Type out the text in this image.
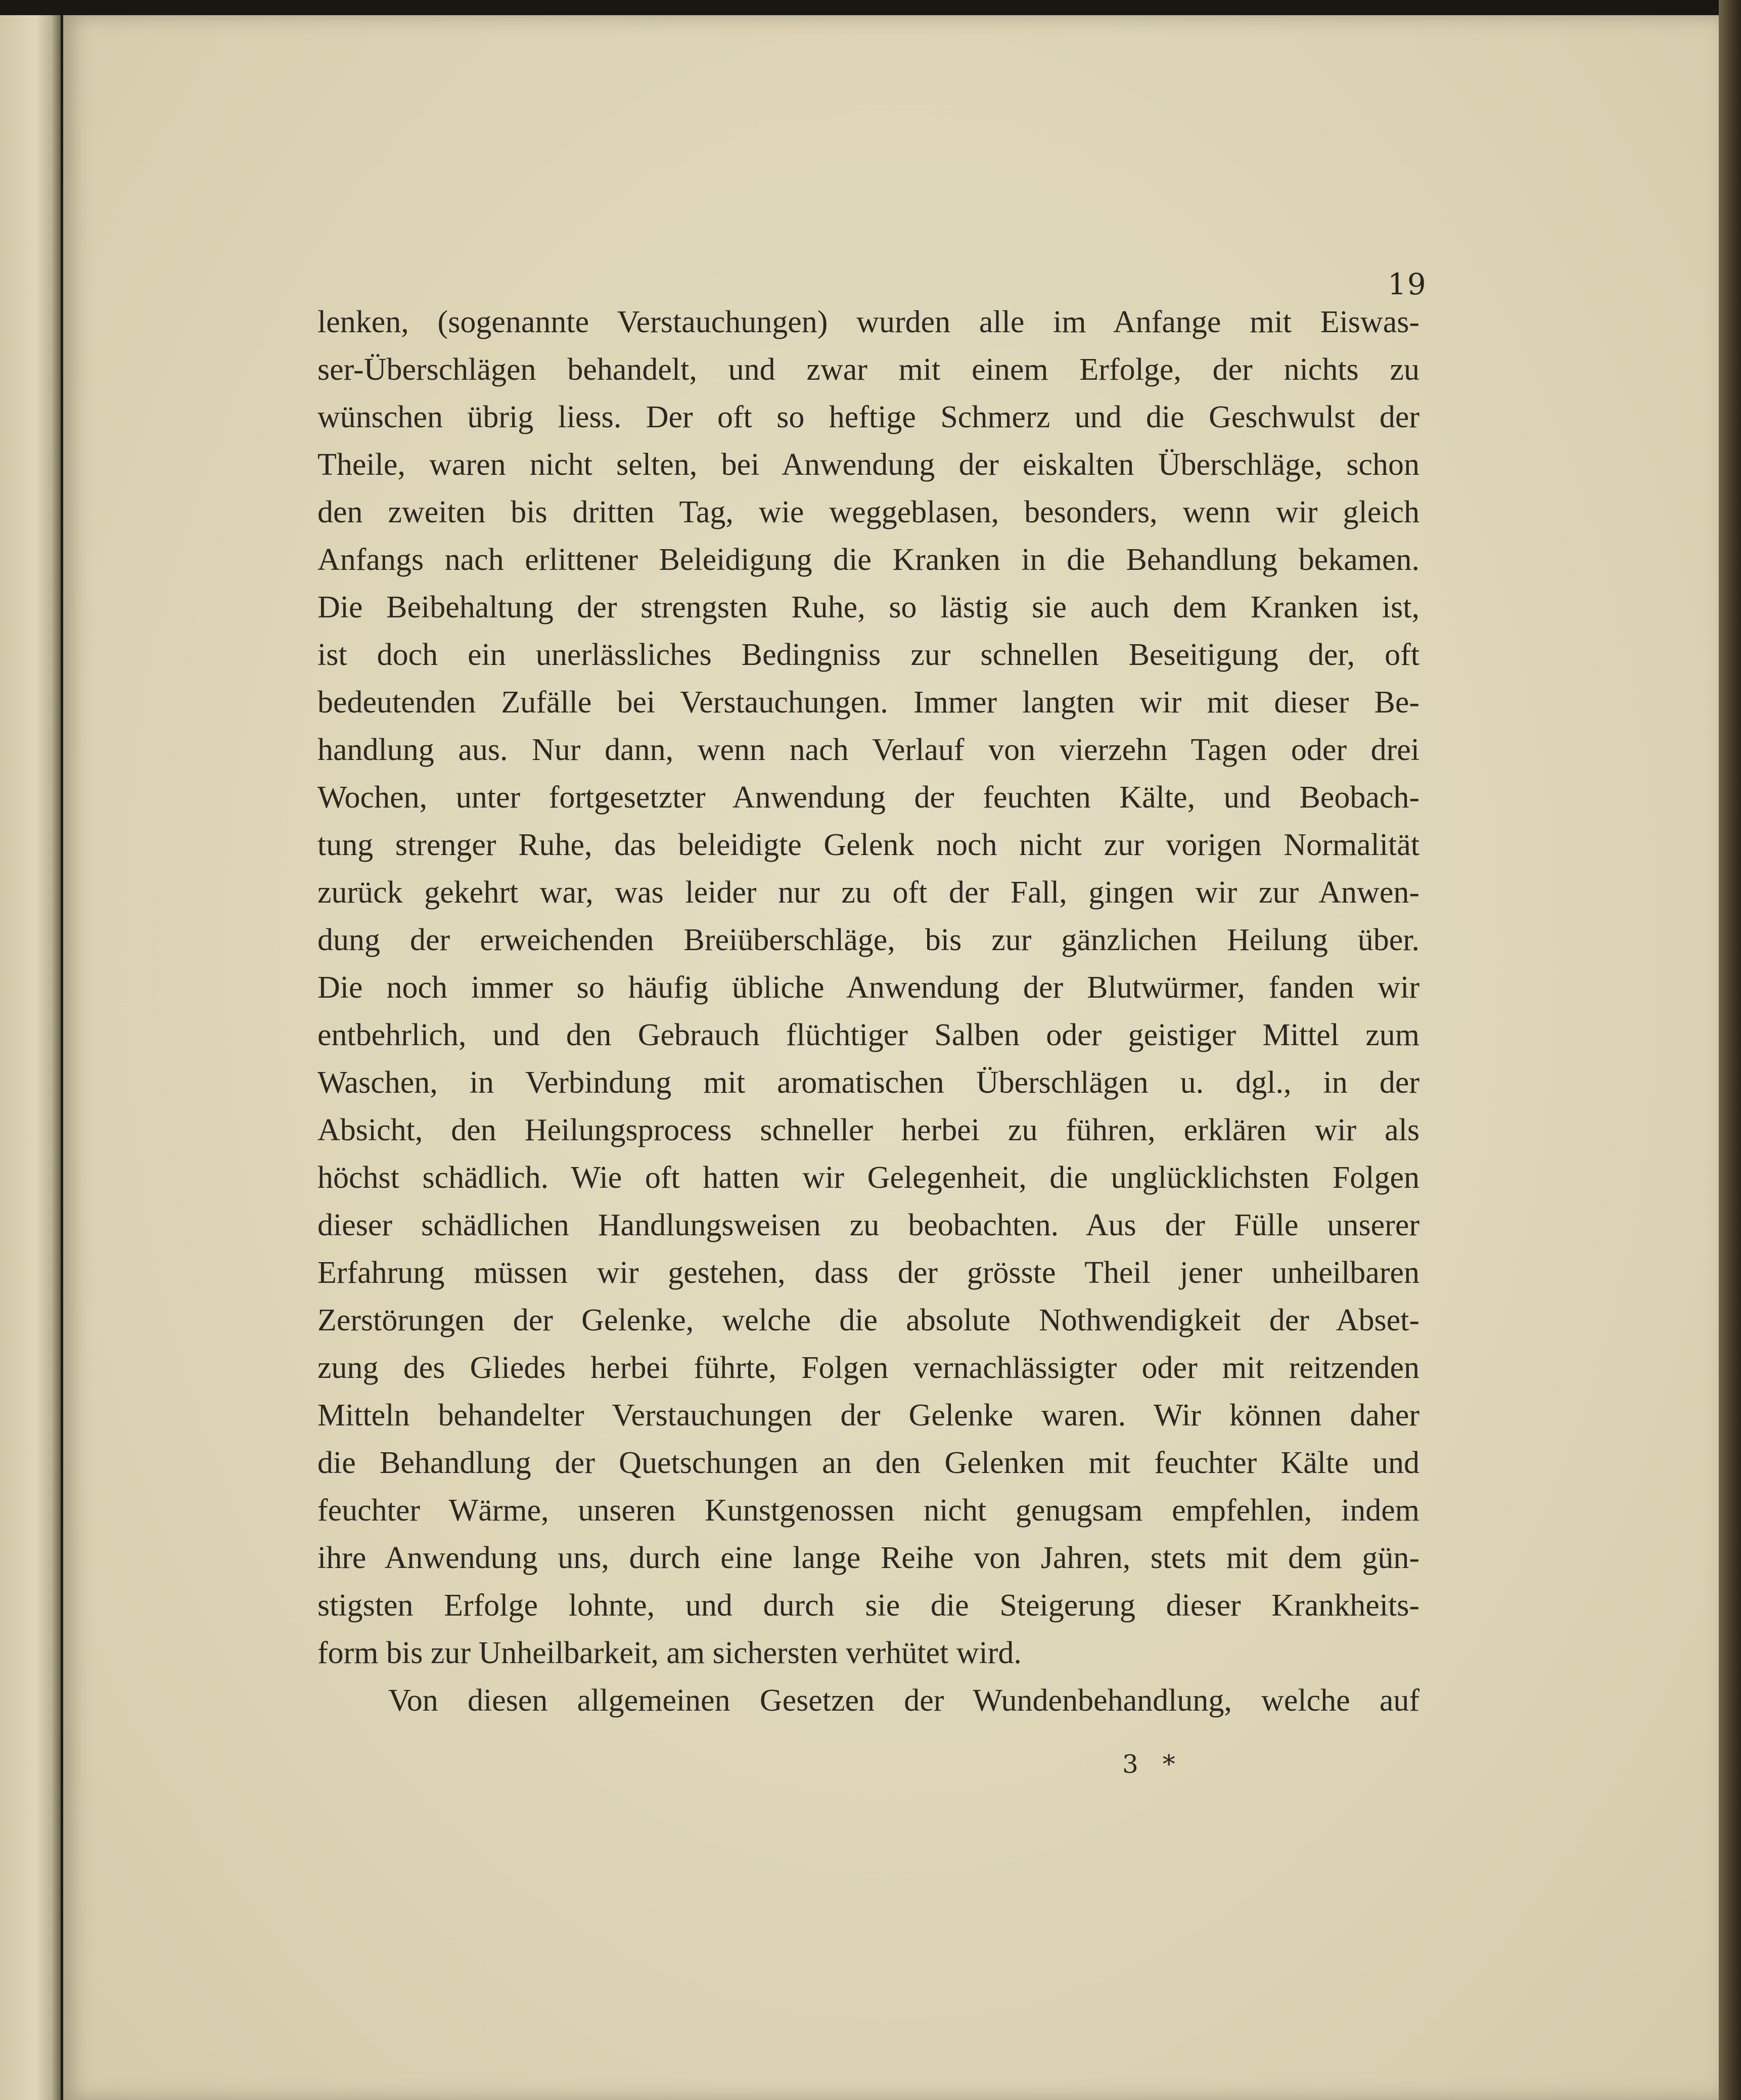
19
lenken, (sogenannte Verstauchungen) wurden alle im Anfange mit Eiswas-
ser-Überschlägen behandelt, und zwar mit einem Erfolge, der nichts zu
wünschen übrig liess. Der oft so heftige Schmerz und die Geschwulst der
Theile, waren nicht selten, bei Anwendung der eiskalten Überschläge, schon
den zweiten bis dritten Tag, wie weggeblasen, besonders, wenn wir gleich
Anfangs nach erlittener Beleidigung die Kranken in die Behandlung bekamen.
Die Beibehaltung der strengsten Ruhe, so lästig sie auch dem Kranken ist,
ist doch ein unerlässliches Bedingniss zur schnellen Beseitigung der, oft
bedeutenden Zufälle bei Verstauchungen. Immer langten wir mit dieser Be-
handlung aus. Nur dann, wenn nach Verlauf von vierzehn Tagen oder drei
Wochen, unter fortgesetzter Anwendung der feuchten Kälte, und Beobach-
tung strenger Ruhe, das beleidigte Gelenk noch nicht zur vorigen Normalität
zurück gekehrt war, was leider nur zu oft der Fall, gingen wir zur Anwen-
dung der erweichenden Breiüberschläge, bis zur gänzlichen Heilung über.
Die noch immer so häufig übliche Anwendung der Blutwürmer, fanden wir
entbehrlich, und den Gebrauch flüchtiger Salben oder geistiger Mittel zum
Waschen, in Verbindung mit aromatischen Überschlägen u. dgl., in der
Absicht, den Heilungsprocess schneller herbei zu führen, erklären wir als
höchst schädlich. Wie oft hatten wir Gelegenheit, die unglücklichsten Folgen
dieser schädlichen Handlungsweisen zu beobachten. Aus der Fülle unserer
Erfahrung müssen wir gestehen, dass der grösste Theil jener unheilbaren
Zerstörungen der Gelenke, welche die absolute Nothwendigkeit der Abset-
zung des Gliedes herbei führte, Folgen vernachlässigter oder mit reitzenden
Mitteln behandelter Verstauchungen der Gelenke waren. Wir können daher
die Behandlung der Quetschungen an den Gelenken mit feuchter Kälte und
feuchter Wärme, unseren Kunstgenossen nicht genugsam empfehlen, indem
ihre Anwendung uns, durch eine lange Reihe von Jahren, stets mit dem gün-
stigsten Erfolge lohnte, und durch sie die Steigerung dieser Krankheits-
form bis zur Unheilbarkeit, am sichersten verhütet wird.
Von diesen allgemeinen Gesetzen der Wundenbehandlung, welche auf
3 *
